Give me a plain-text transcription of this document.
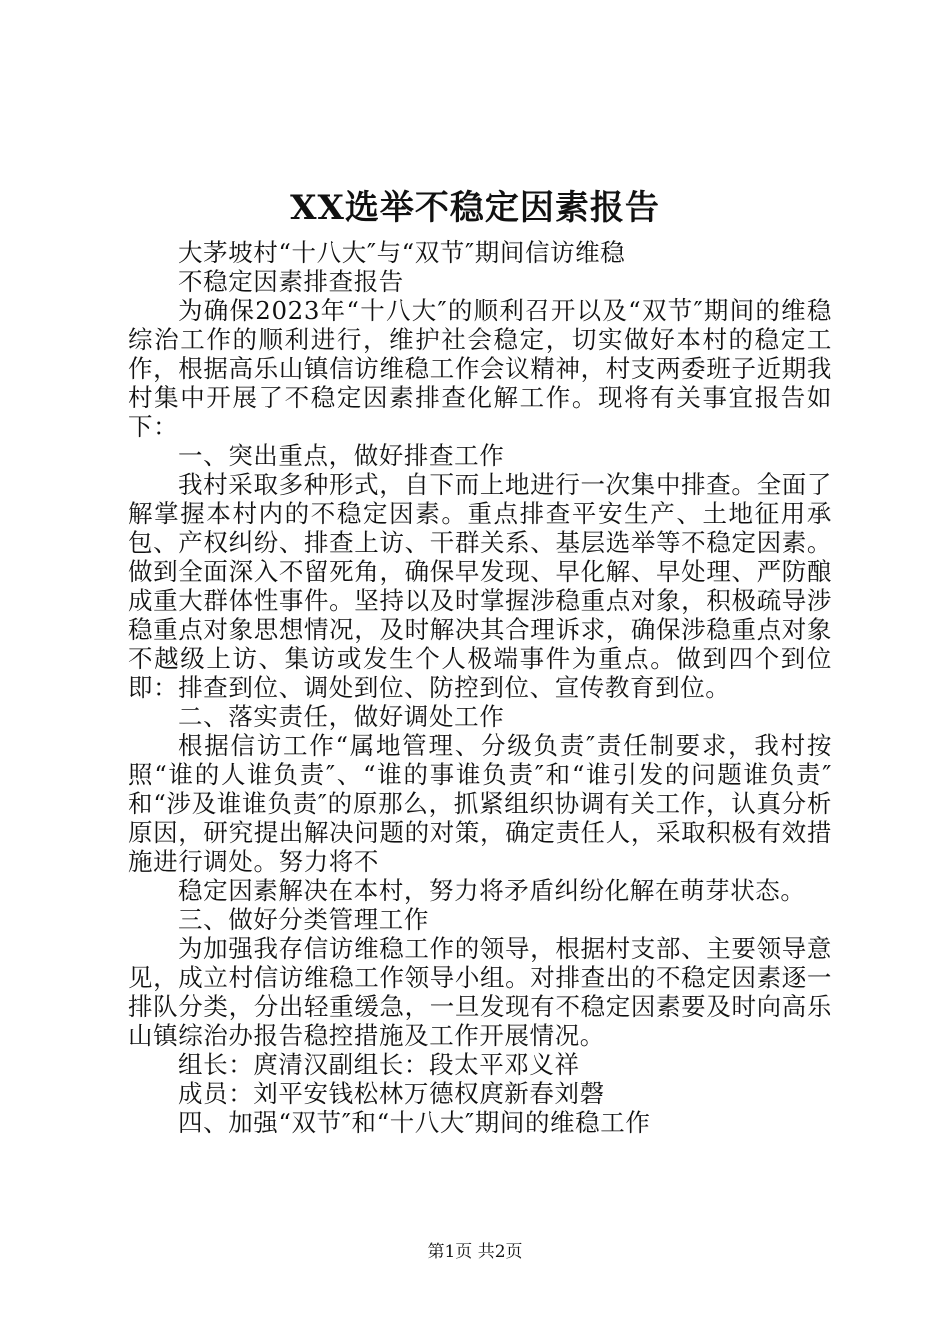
XX选举不稳定因素报告

大茅坡村“十八大″与“双节″期间信访维稳

不稳定因素排查报告

为确保2023年“十八大″的顺利召开以及“双节″期间的维稳综治工作的顺利进行，维护社会稳定，切实做好本村的稳定工作，根据高乐山镇信访维稳工作会议精神，村支两委班子近期我村集中开展了不稳定因素排查化解工作。现将有关事宜报告如下：

一、突出重点，做好排查工作

我村采取多种形式，自下而上地进行一次集中排查。全面了解掌握本村内的不稳定因素。重点排查平安生产、土地征用承包、产权纠纷、排查上访、干群关系、基层选举等不稳定因素。做到全面深入不留死角，确保早发现、早化解、早处理、严防酿成重大群体性事件。坚持以及时掌握涉稳重点对象，积极疏导涉稳重点对象思想情况，及时解决其合理诉求，确保涉稳重点对象不越级上访、集访或发生个人极端事件为重点。做到四个到位即：排查到位、调处到位、防控到位、宣传教育到位。

二、落实责任，做好调处工作

根据信访工作“属地管理、分级负责″责任制要求，我村按照“谁的人谁负责″、“谁的事谁负责″和“谁引发的问题谁负责″和“涉及谁谁负责″的原那么，抓紧组织协调有关工作，认真分析原因，研究提出解决问题的对策，确定责任人，采取积极有效措施进行调处。努力将不

稳定因素解决在本村，努力将矛盾纠纷化解在萌芽状态。

三、做好分类管理工作

为加强我存信访维稳工作的领导，根据村支部、主要领导意见，成立村信访维稳工作领导小组。对排查出的不稳定因素逐一排队分类，分出轻重缓急，一旦发现有不稳定因素要及时向高乐山镇综治办报告稳控措施及工作开展情况。

组长：庹清汉副组长：段太平邓义祥

成员：刘平安钱松林万德权庹新春刘磬

四、加强“双节″和“十八大″期间的维稳工作

第1页 共2页
